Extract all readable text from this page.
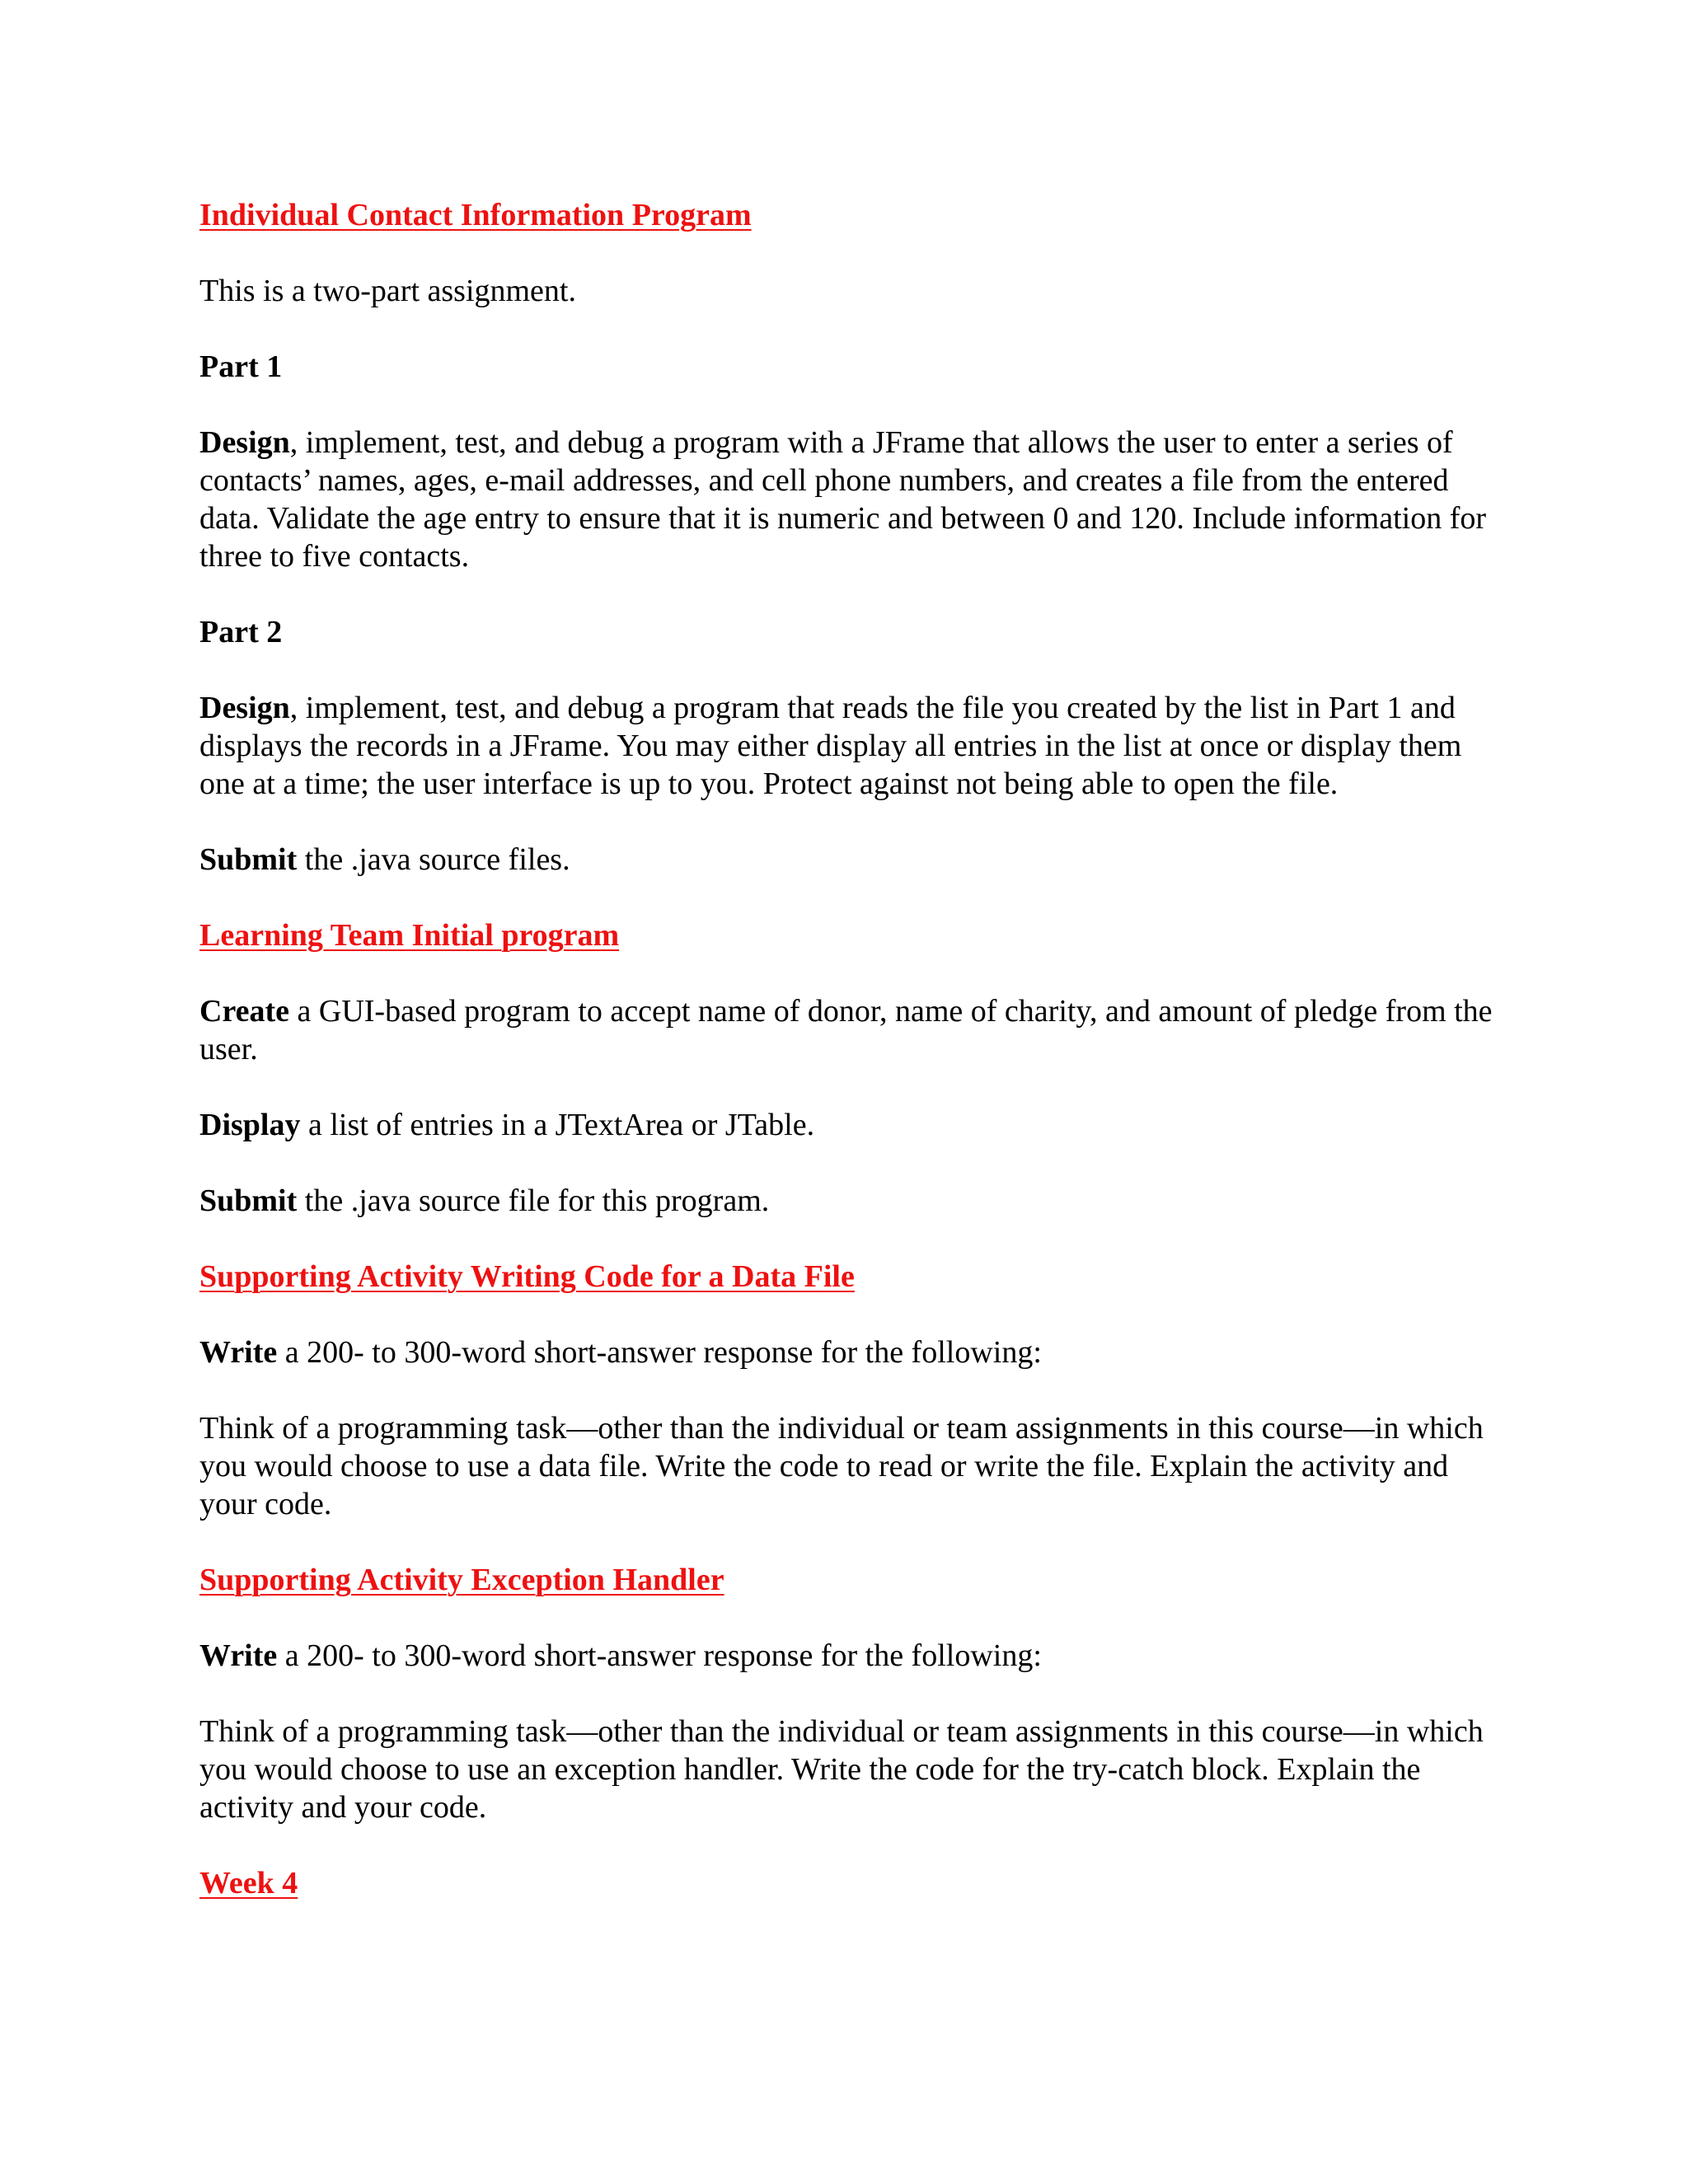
Individual Contact Information Program

This is a two-part assignment.

Part 1

Design, implement, test, and debug a program with a JFrame that allows the user to enter a series of contacts’ names, ages, e-mail addresses, and cell phone numbers, and creates a file from the entered data. Validate the age entry to ensure that it is numeric and between 0 and 120. Include information for three to five contacts.

Part 2

Design, implement, test, and debug a program that reads the file you created by the list in Part 1 and displays the records in a JFrame. You may either display all entries in the list at once or display them one at a time; the user interface is up to you. Protect against not being able to open the file.

Submit the .java source files.

Learning Team Initial program

Create a GUI-based program to accept name of donor, name of charity, and amount of pledge from the user.

Display a list of entries in a JTextArea or JTable.

Submit the .java source file for this program.

Supporting Activity Writing Code for a Data File

Write a 200- to 300-word short-answer response for the following:

Think of a programming task—other than the individual or team assignments in this course—in which you would choose to use a data file. Write the code to read or write the file. Explain the activity and your code.

Supporting Activity Exception Handler

Write a 200- to 300-word short-answer response for the following:

Think of a programming task—other than the individual or team assignments in this course—in which you would choose to use an exception handler. Write the code for the try-catch block. Explain the activity and your code.

Week 4
